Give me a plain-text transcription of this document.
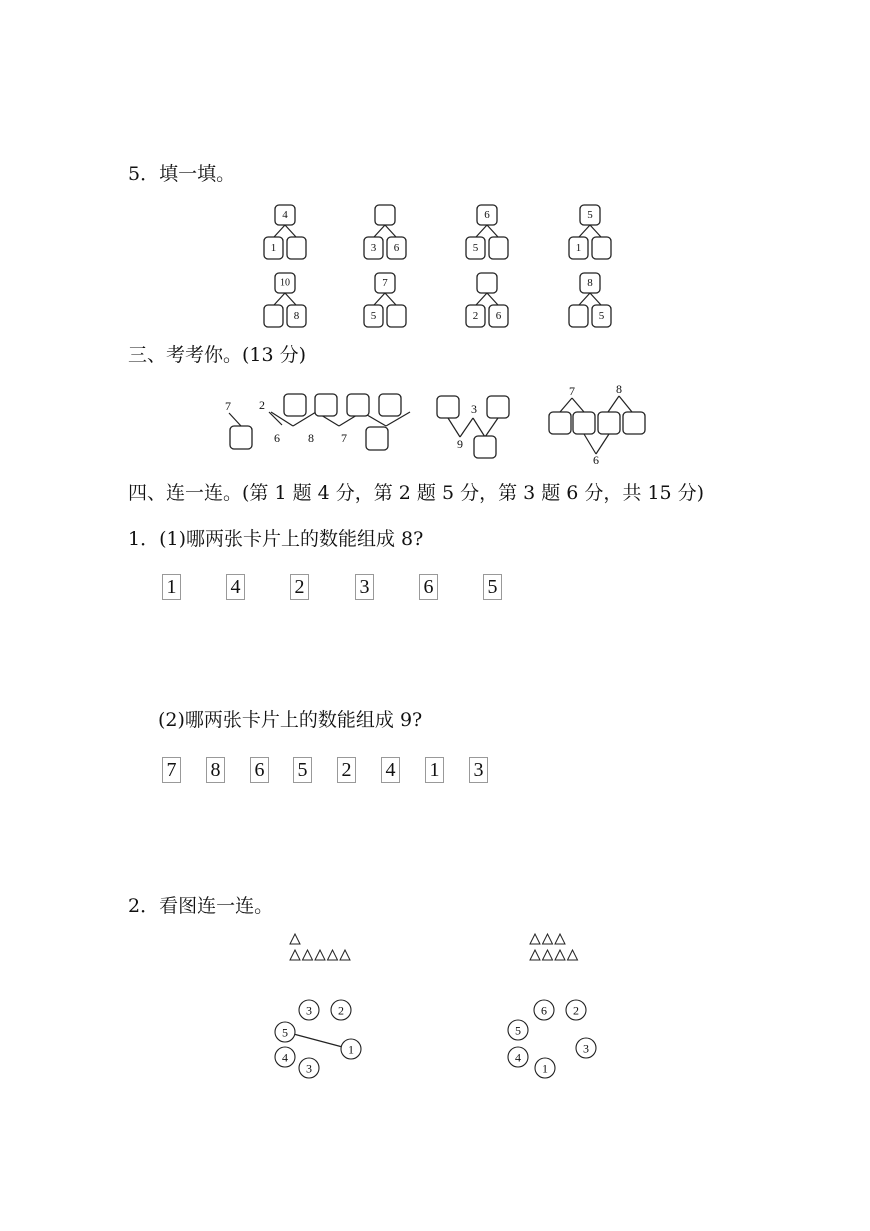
5．填一填。
三、考考你。(13 分)
四、连一连。(第 1 题 4 分，第 2 题 5 分，第 3 题 6 分，共 15 分)
1．(1)哪两张卡片上的数能组成 8?
(2)哪两张卡片上的数能组成 9?
2．看图连一连。
1	4	2	3	6	5
7 8 6 5 2 4 1 3
4
1	3 6
6
5
5
1
10
8
7
5	2 6
8
5
7 2
6 8 7
3
9
7	8
6
3 2
5
1
4
3
6 2
5
3
4
1
